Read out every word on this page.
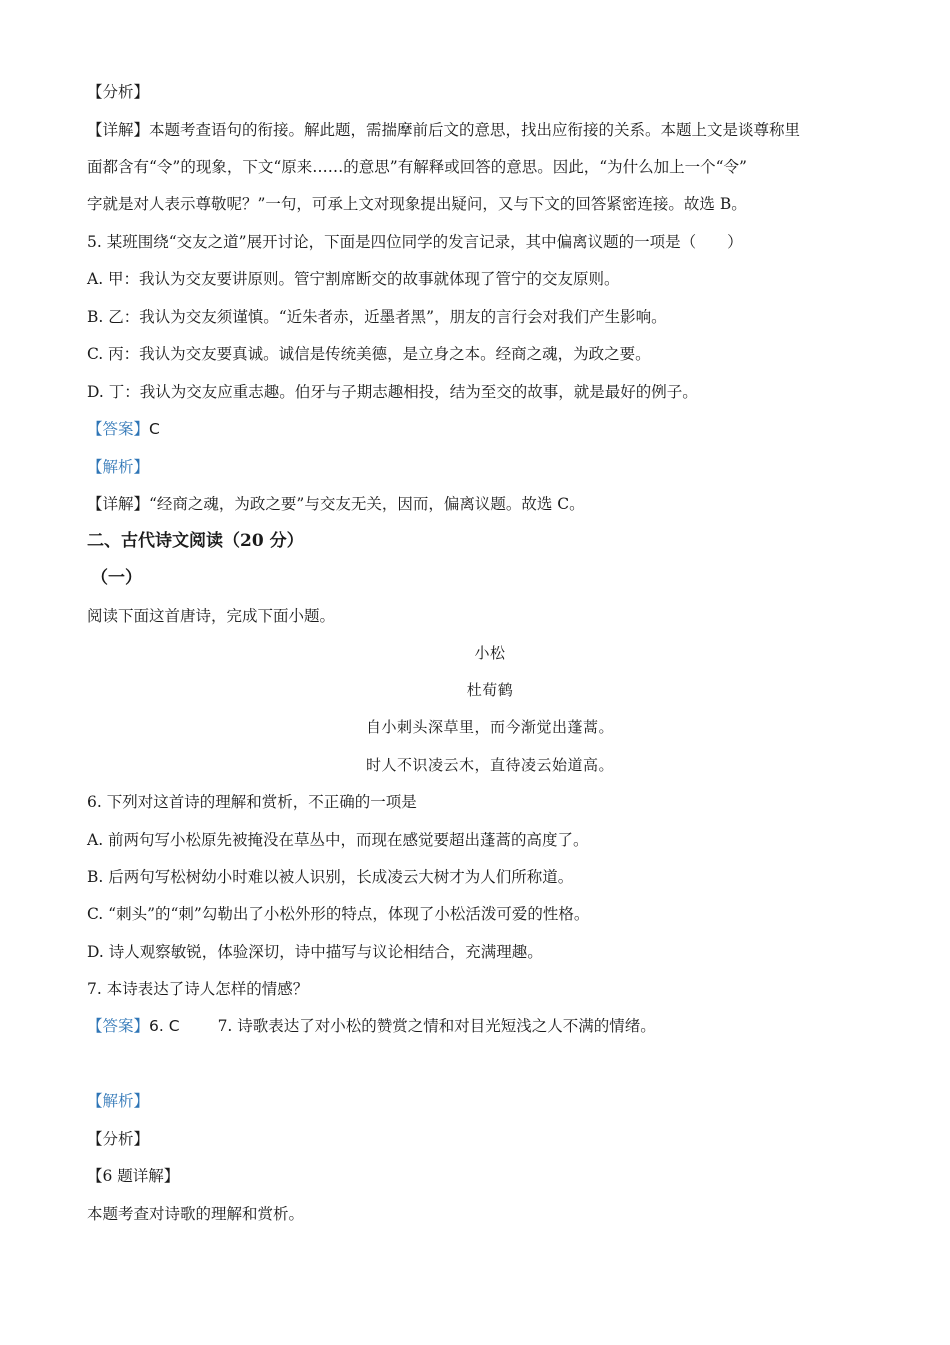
【分析】
【详解】本题考查语句的衔接。解此题，需揣摩前后文的意思，找出应衔接的关系。本题上文是谈尊称里
面都含有“令”的现象，下文“原来……的意思”有解释或回答的意思。因此，“为什么加上一个“令”
字就是对人表示尊敬呢？”一句，可承上文对现象提出疑问，又与下文的回答紧密连接。故选 B。
5. 某班围绕“交友之道”展开讨论，下面是四位同学的发言记录，其中偏离议题的一项是（　　）
A. 甲：我认为交友要讲原则。管宁割席断交的故事就体现了管宁的交友原则。
B. 乙：我认为交友须谨慎。“近朱者赤，近墨者黑”，朋友的言行会对我们产生影响。
C. 丙：我认为交友要真诚。诚信是传统美德，是立身之本。经商之魂，为政之要。
D. 丁：我认为交友应重志趣。伯牙与子期志趣相投，结为至交的故事，就是最好的例子。
【答案】C
【解析】
【详解】“经商之魂，为政之要”与交友无关，因而，偏离议题。故选 C。
二、古代诗文阅读（20 分）
（一）
阅读下面这首唐诗，完成下面小题。
小松
杜荀鹤
自小刺头深草里，而今渐觉出蓬蒿。
时人不识凌云木，直待凌云始道高。
6. 下列对这首诗的理解和赏析，不正确的一项是
A. 前两句写小松原先被掩没在草丛中，而现在感觉要超出蓬蒿的高度了。
B. 后两句写松树幼小时难以被人识别，长成凌云大树才为人们所称道。
C. “刺头”的“刺”勾勒出了小松外形的特点，体现了小松活泼可爱的性格。
D. 诗人观察敏锐，体验深切，诗中描写与议论相结合，充满理趣。
7. 本诗表达了诗人怎样的情感？
【答案】6. C 7. 诗歌表达了对小松的赞赏之情和对目光短浅之人不满的情绪。
【解析】
【分析】
【6 题详解】
本题考查对诗歌的理解和赏析。
